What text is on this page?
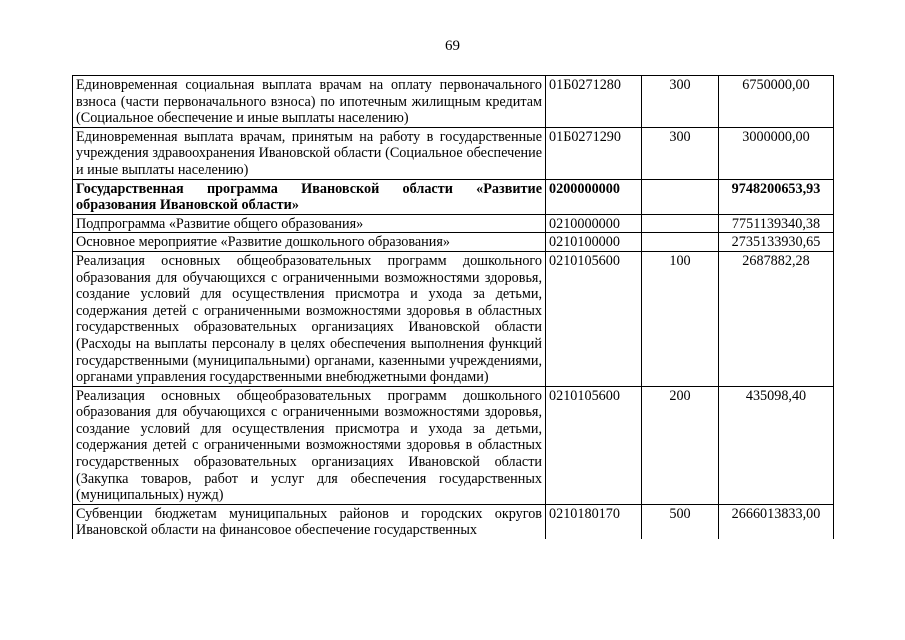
69
Единовременная социальная выплата врачам на оплату первоначального взноса (части первоначального взноса) по ипотечным жилищным кредитам (Социальное обеспечение и иные выплаты населению)	01Б0271280	300	6750000,00
Единовременная выплата врачам, принятым на работу в государственные учреждения здравоохранения Ивановской области (Социальное обеспечение и иные выплаты населению)	01Б0271290	300	3000000,00
Государственная программа Ивановской области «Развитие образования Ивановской области»	0200000000		9748200653,93
Подпрограмма «Развитие общего образования»	0210000000		7751139340,38
Основное мероприятие «Развитие дошкольного образования»	0210100000		2735133930,65
Реализация основных общеобразовательных программ дошкольного образования для обучающихся с ограниченными возможностями здоровья, создание условий для осуществления присмотра и ухода за детьми, содержания детей с ограниченными возможностями здоровья в областных государственных образовательных организациях Ивановской области (Расходы на выплаты персоналу в целях обеспечения выполнения функций государственными (муниципальными) органами, казенными учреждениями, органами управления государственными внебюджетными фондами)	0210105600	100	2687882,28
Реализация основных общеобразовательных программ дошкольного образования для обучающихся с ограниченными возможностями здоровья, создание условий для осуществления присмотра и ухода за детьми, содержания детей с ограниченными возможностями здоровья в областных государственных образовательных организациях Ивановской области (Закупка товаров, работ и услуг для обеспечения государственных (муниципальных) нужд)	0210105600	200	435098,40
Субвенции бюджетам муниципальных районов и городских округов Ивановской области на финансовое обеспечение государственных	0210180170	500	2666013833,00
